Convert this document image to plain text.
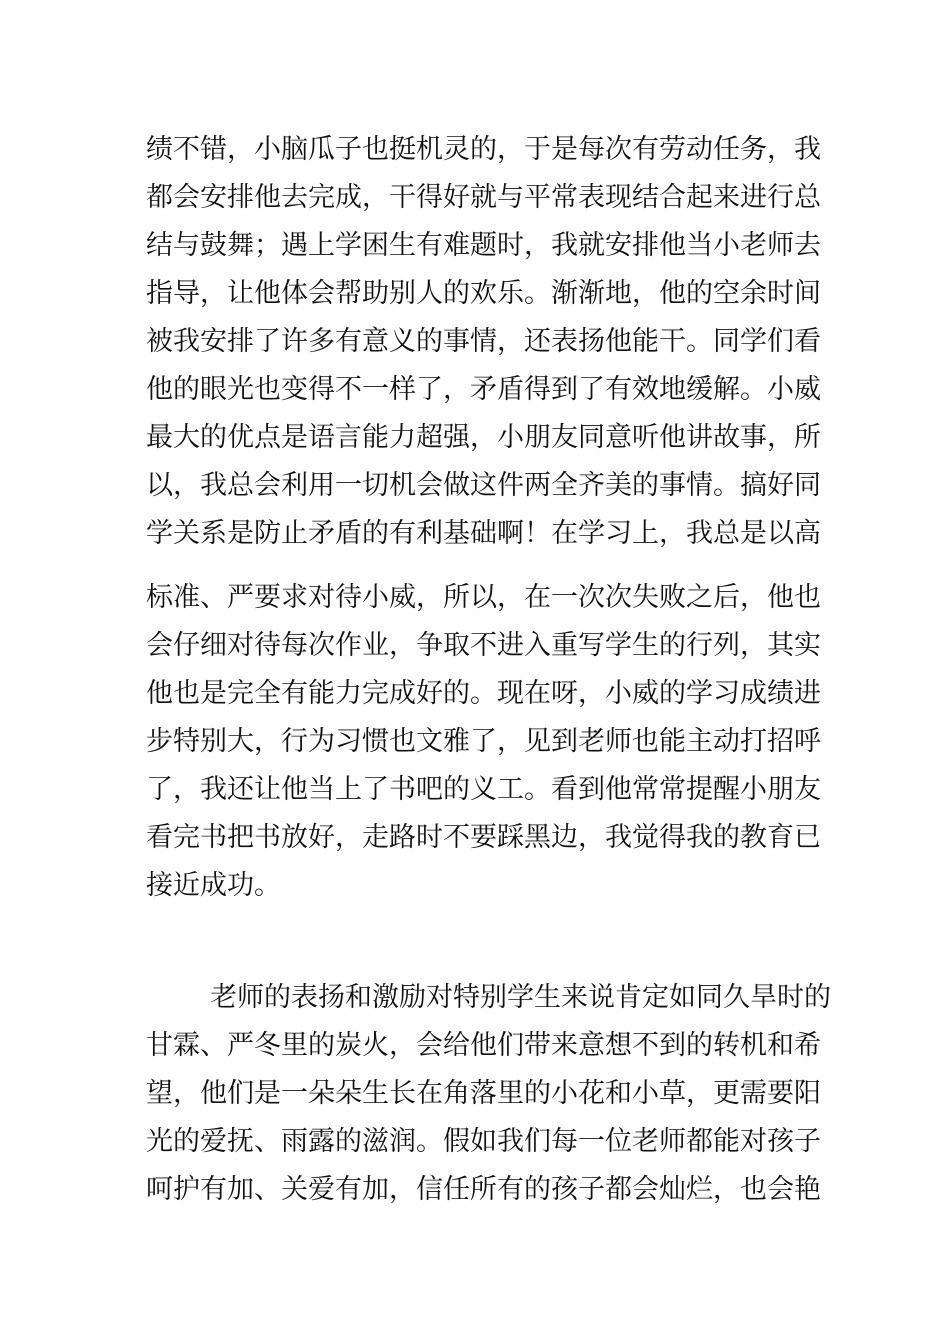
绩不错，小脑瓜子也挺机灵的，于是每次有劳动任务，我
都会安排他去完成，干得好就与平常表现结合起来进行总
结与鼓舞；遇上学困生有难题时，我就安排他当小老师去
指导，让他体会帮助别人的欢乐。渐渐地，他的空余时间
被我安排了许多有意义的事情，还表扬他能干。同学们看
他的眼光也变得不一样了，矛盾得到了有效地缓解。小威
最大的优点是语言能力超强，小朋友同意听他讲故事，所
以，我总会利用一切机会做这件两全齐美的事情。搞好同
学关系是防止矛盾的有利基础啊！在学习上，我总是以高
标准、严要求对待小威，所以，在一次次失败之后，他也
会仔细对待每次作业，争取不进入重写学生的行列，其实
他也是完全有能力完成好的。现在呀，小威的学习成绩进
步特别大，行为习惯也文雅了，见到老师也能主动打招呼
了，我还让他当上了书吧的义工。看到他常常提醒小朋友
看完书把书放好，走路时不要踩黑边，我觉得我的教育已
接近成功。
老师的表扬和激励对特别学生来说肯定如同久旱时的
甘霖、严冬里的炭火，会给他们带来意想不到的转机和希
望，他们是一朵朵生长在角落里的小花和小草，更需要阳
光的爱抚、雨露的滋润。假如我们每一位老师都能对孩子
呵护有加、关爱有加，信任所有的孩子都会灿烂，也会艳
